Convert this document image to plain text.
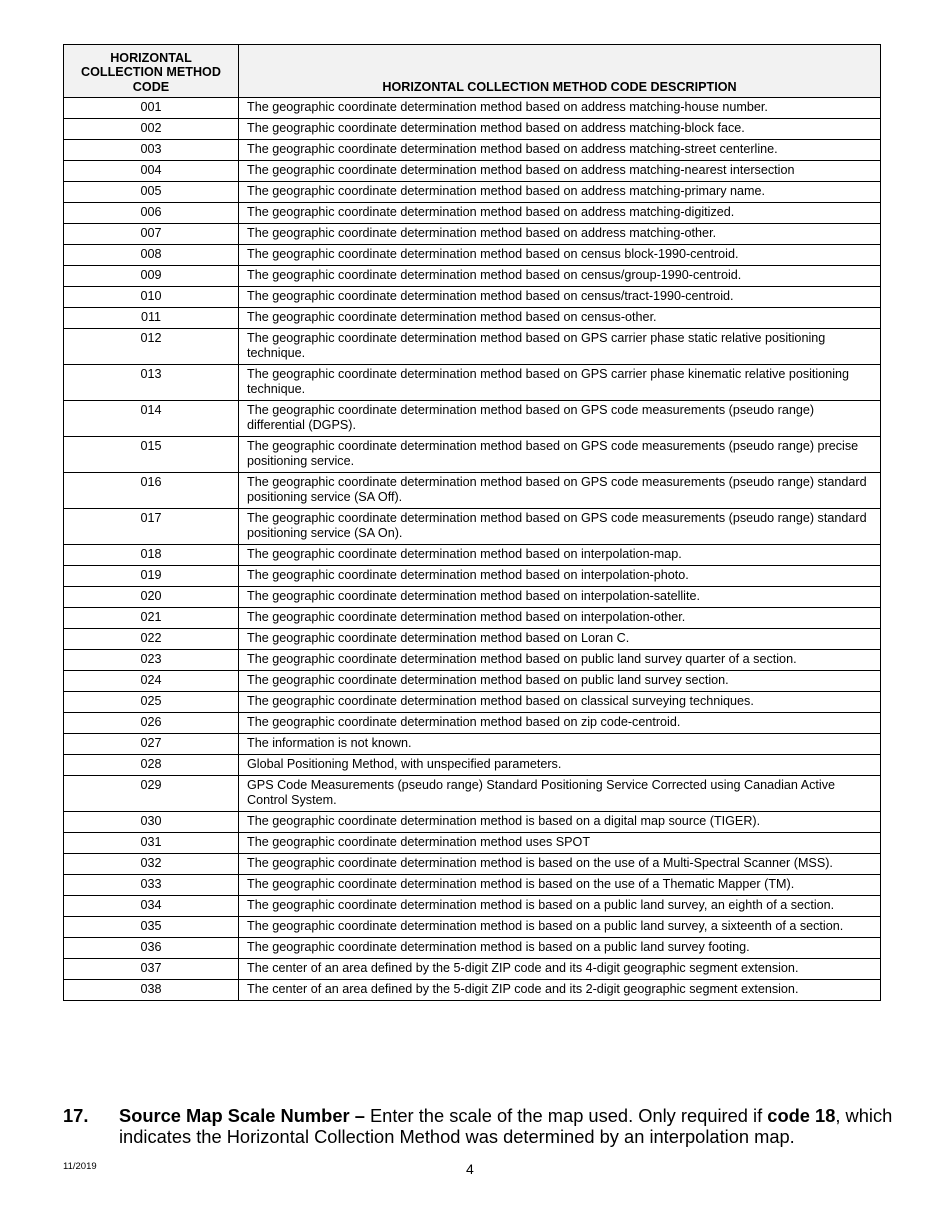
HORIZONTAL COLLECTION METHOD CODE	HORIZONTAL COLLECTION METHOD CODE DESCRIPTION
001	The geographic coordinate determination method based on address matching-house number.
002	The geographic coordinate determination method based on address matching-block face.
003	The geographic coordinate determination method based on address matching-street centerline.
004	The geographic coordinate determination method based on address matching-nearest intersection
005	The geographic coordinate determination method based on address matching-primary name.
006	The geographic coordinate determination method based on address matching-digitized.
007	The geographic coordinate determination method based on address matching-other.
008	The geographic coordinate determination method based on census block-1990-centroid.
009	The geographic coordinate determination method based on census/group-1990-centroid.
010	The geographic coordinate determination method based on census/tract-1990-centroid.
011	The geographic coordinate determination method based on census-other.
012	The geographic coordinate determination method based on GPS carrier phase static relative positioning technique.
013	The geographic coordinate determination method based on GPS carrier phase kinematic relative positioning technique.
014	The geographic coordinate determination method based on GPS code measurements (pseudo range) differential (DGPS).
015	The geographic coordinate determination method based on GPS code measurements (pseudo range) precise positioning service.
016	The geographic coordinate determination method based on GPS code measurements (pseudo range) standard positioning service (SA Off).
017	The geographic coordinate determination method based on GPS code measurements (pseudo range) standard positioning service (SA On).
018	The geographic coordinate determination method based on interpolation-map.
019	The geographic coordinate determination method based on interpolation-photo.
020	The geographic coordinate determination method based on interpolation-satellite.
021	The geographic coordinate determination method based on interpolation-other.
022	The geographic coordinate determination method based on Loran C.
023	The geographic coordinate determination method based on public land survey quarter of a section.
024	The geographic coordinate determination method based on public land survey section.
025	The geographic coordinate determination method based on classical surveying techniques.
026	The geographic coordinate determination method based on zip code-centroid.
027	The information is not known.
028	Global Positioning Method, with unspecified parameters.
029	GPS Code Measurements (pseudo range) Standard Positioning Service Corrected using Canadian Active Control System.
030	The geographic coordinate determination method is based on a digital map source (TIGER).
031	The geographic coordinate determination method uses SPOT
032	The geographic coordinate determination method is based on the use of a Multi-Spectral Scanner (MSS).
033	The geographic coordinate determination method is based on the use of a Thematic Mapper (TM).
034	The geographic coordinate determination method is based on a public land survey, an eighth of a section.
035	The geographic coordinate determination method is based on a public land survey, a sixteenth of a section.
036	The geographic coordinate determination method is based on a public land survey footing.
037	The center of an area defined by the 5-digit ZIP code and its 4-digit geographic segment extension.
038	The center of an area defined by the 5-digit ZIP code and its 2-digit geographic segment extension.
17. Source Map Scale Number – Enter the scale of the map used. Only required if code 18, which indicates the Horizontal Collection Method was determined by an interpolation map.
11/2019	4
